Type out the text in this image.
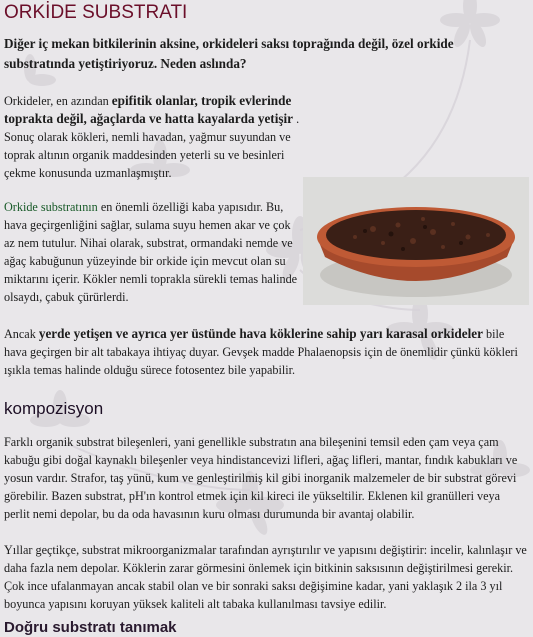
ORKİDE SUBSTRATI

Diğer iç mekan bitkilerinin aksine, orkideleri saksı toprağında değil, özel orkide substratında yetiştiriyoruz. Neden aslında?

Orkideler, en azından epifitik olanlar, tropik evlerinde toprakta değil, ağaçlarda ve hatta kayalarda yetişir . Sonuç olarak kökleri, nemli havadan, yağmur suyundan ve toprak altının organik maddesinden yeterli su ve besinleri çekme konusunda uzmanlaşmıştır.

Orkide substratının en önemli özelliği kaba yapısıdır. Bu, hava geçirgenliğini sağlar, sulama suyu hemen akar ve çok az nem tutulur. Nihai olarak, substrat, ormandaki nemde ve ağaç kabuğunun yüzeyinde bir orkide için mevcut olan su miktarını içerir. Kökler nemli toprakla sürekli temas halinde olsaydı, çabuk çürürlerdi.

Ancak yerde yetişen ve ayrıca yer üstünde hava köklerine sahip yarı karasal orkideler bile hava geçirgen bir alt tabakaya ihtiyaç duyar. Gevşek madde Phalaenopsis için de önemlidir çünkü kökleri ışıkla temas halinde olduğu sürece fotosentez bile yapabilir.

kompozisyon

Farklı organik substrat bileşenleri, yani genellikle substratın ana bileşenini temsil eden çam veya çam kabuğu gibi doğal kaynaklı bileşenler veya hindistancevizi lifleri, ağaç lifleri, mantar, fındık kabukları ve yosun vardır. Strafor, taş yünü, kum ve genleştirilmiş kil gibi inorganik malzemeler de bir substrat görevi görebilir. Bazen substrat, pH'ın kontrol etmek için kil kireci ile yükseltilir. Eklenen kil granülleri veya perlit nemi depolar, bu da oda havasının kuru olması durumunda bir avantaj olabilir.

Yıllar geçtikçe, substrat mikroorganizmalar tarafından ayrıştırılır ve yapısını değiştirir: incelir, kalınlaşır ve daha fazla nem depolar. Köklerin zarar görmesini önlemek için bitkinin saksısının değiştirilmesi gerekir. Çok ince ufalanmayan ancak stabil olan ve bir sonraki saksı değişimine kadar, yani yaklaşık 2 ila 3 yıl boyunca yapısını koruyan yüksek kaliteli alt tabaka kullanılması tavsiye edilir.

Doğru substratı tanımak
